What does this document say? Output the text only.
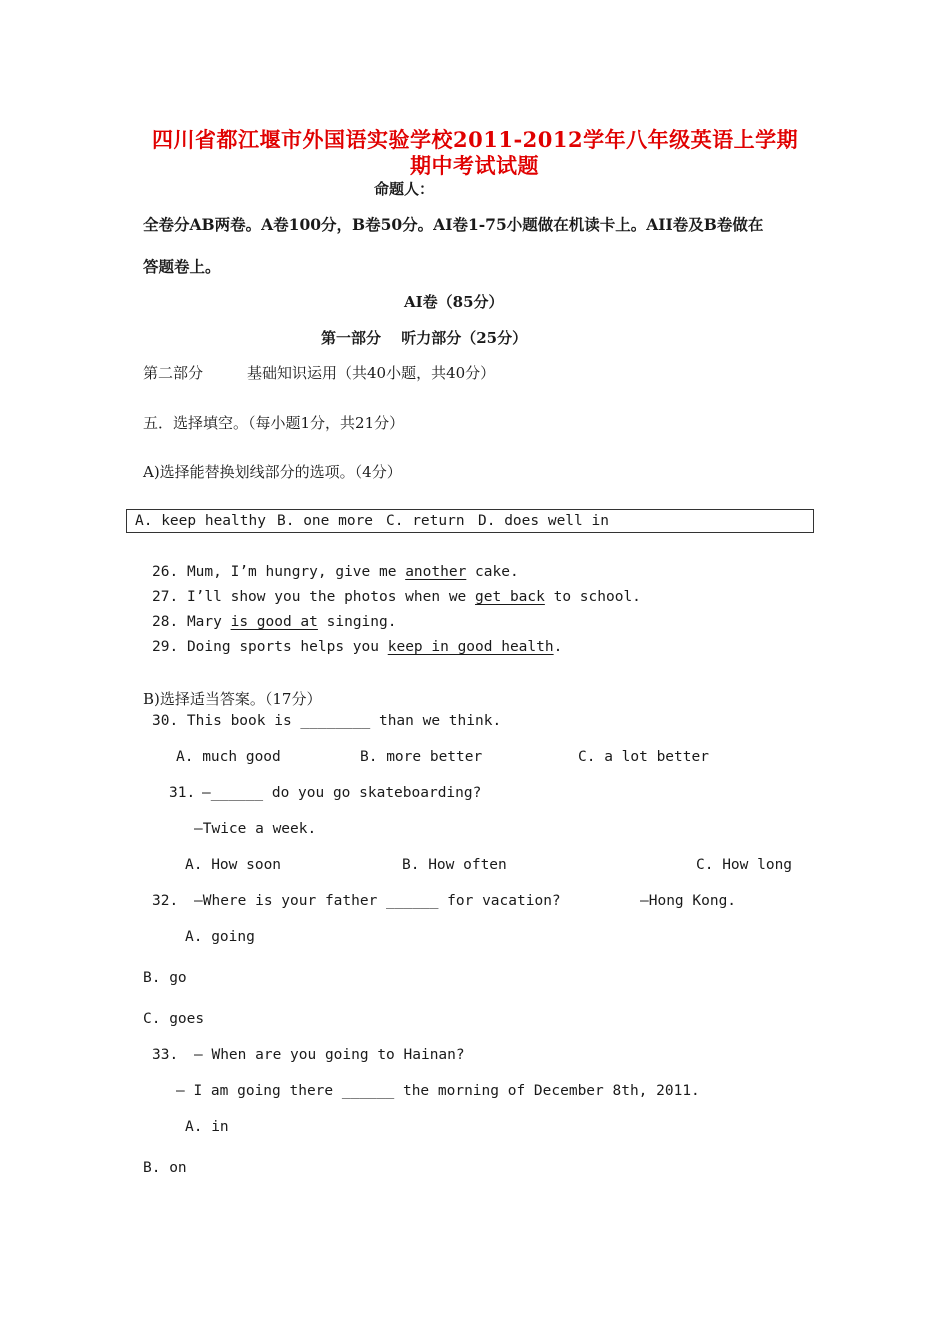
四川省都江堰市外国语实验学校2011-2012学年八年级英语上学期
期中考试试题
命题人：
全卷分AB两卷。A卷100分，B卷50分。AI卷1-75小题做在机读卡上。AII卷及B卷做在
答题卷上。
AI卷（85分）
第一部分　 听力部分（25分）
第二部分	基础知识运用（共40小题，共40分）
五．选择填空。（每小题1分，共21分）
A)选择能替换划线部分的选项。（4分）
A. keep healthy B. one more C. return D. does well in
26. Mum, I’m hungry, give me another cake.
27. I’ll show you the photos when we get back to school.
28. Mary is good at singing.
29. Doing sports helps you keep in good health.
B)选择适当答案。（17分）
30. This book is ________ than we think.
A. much good	B. more better	C. a lot better
31. —______ do you go skateboarding?
—Twice a week.
A. How soon	B. How often	C. How long
32. —Where is your father ______ for vacation?	—Hong Kong.
A. going
B. go
C. goes
33. — When are you going to Hainan?
— I am going there ______ the morning of December 8th, 2011.
A. in
B. on
